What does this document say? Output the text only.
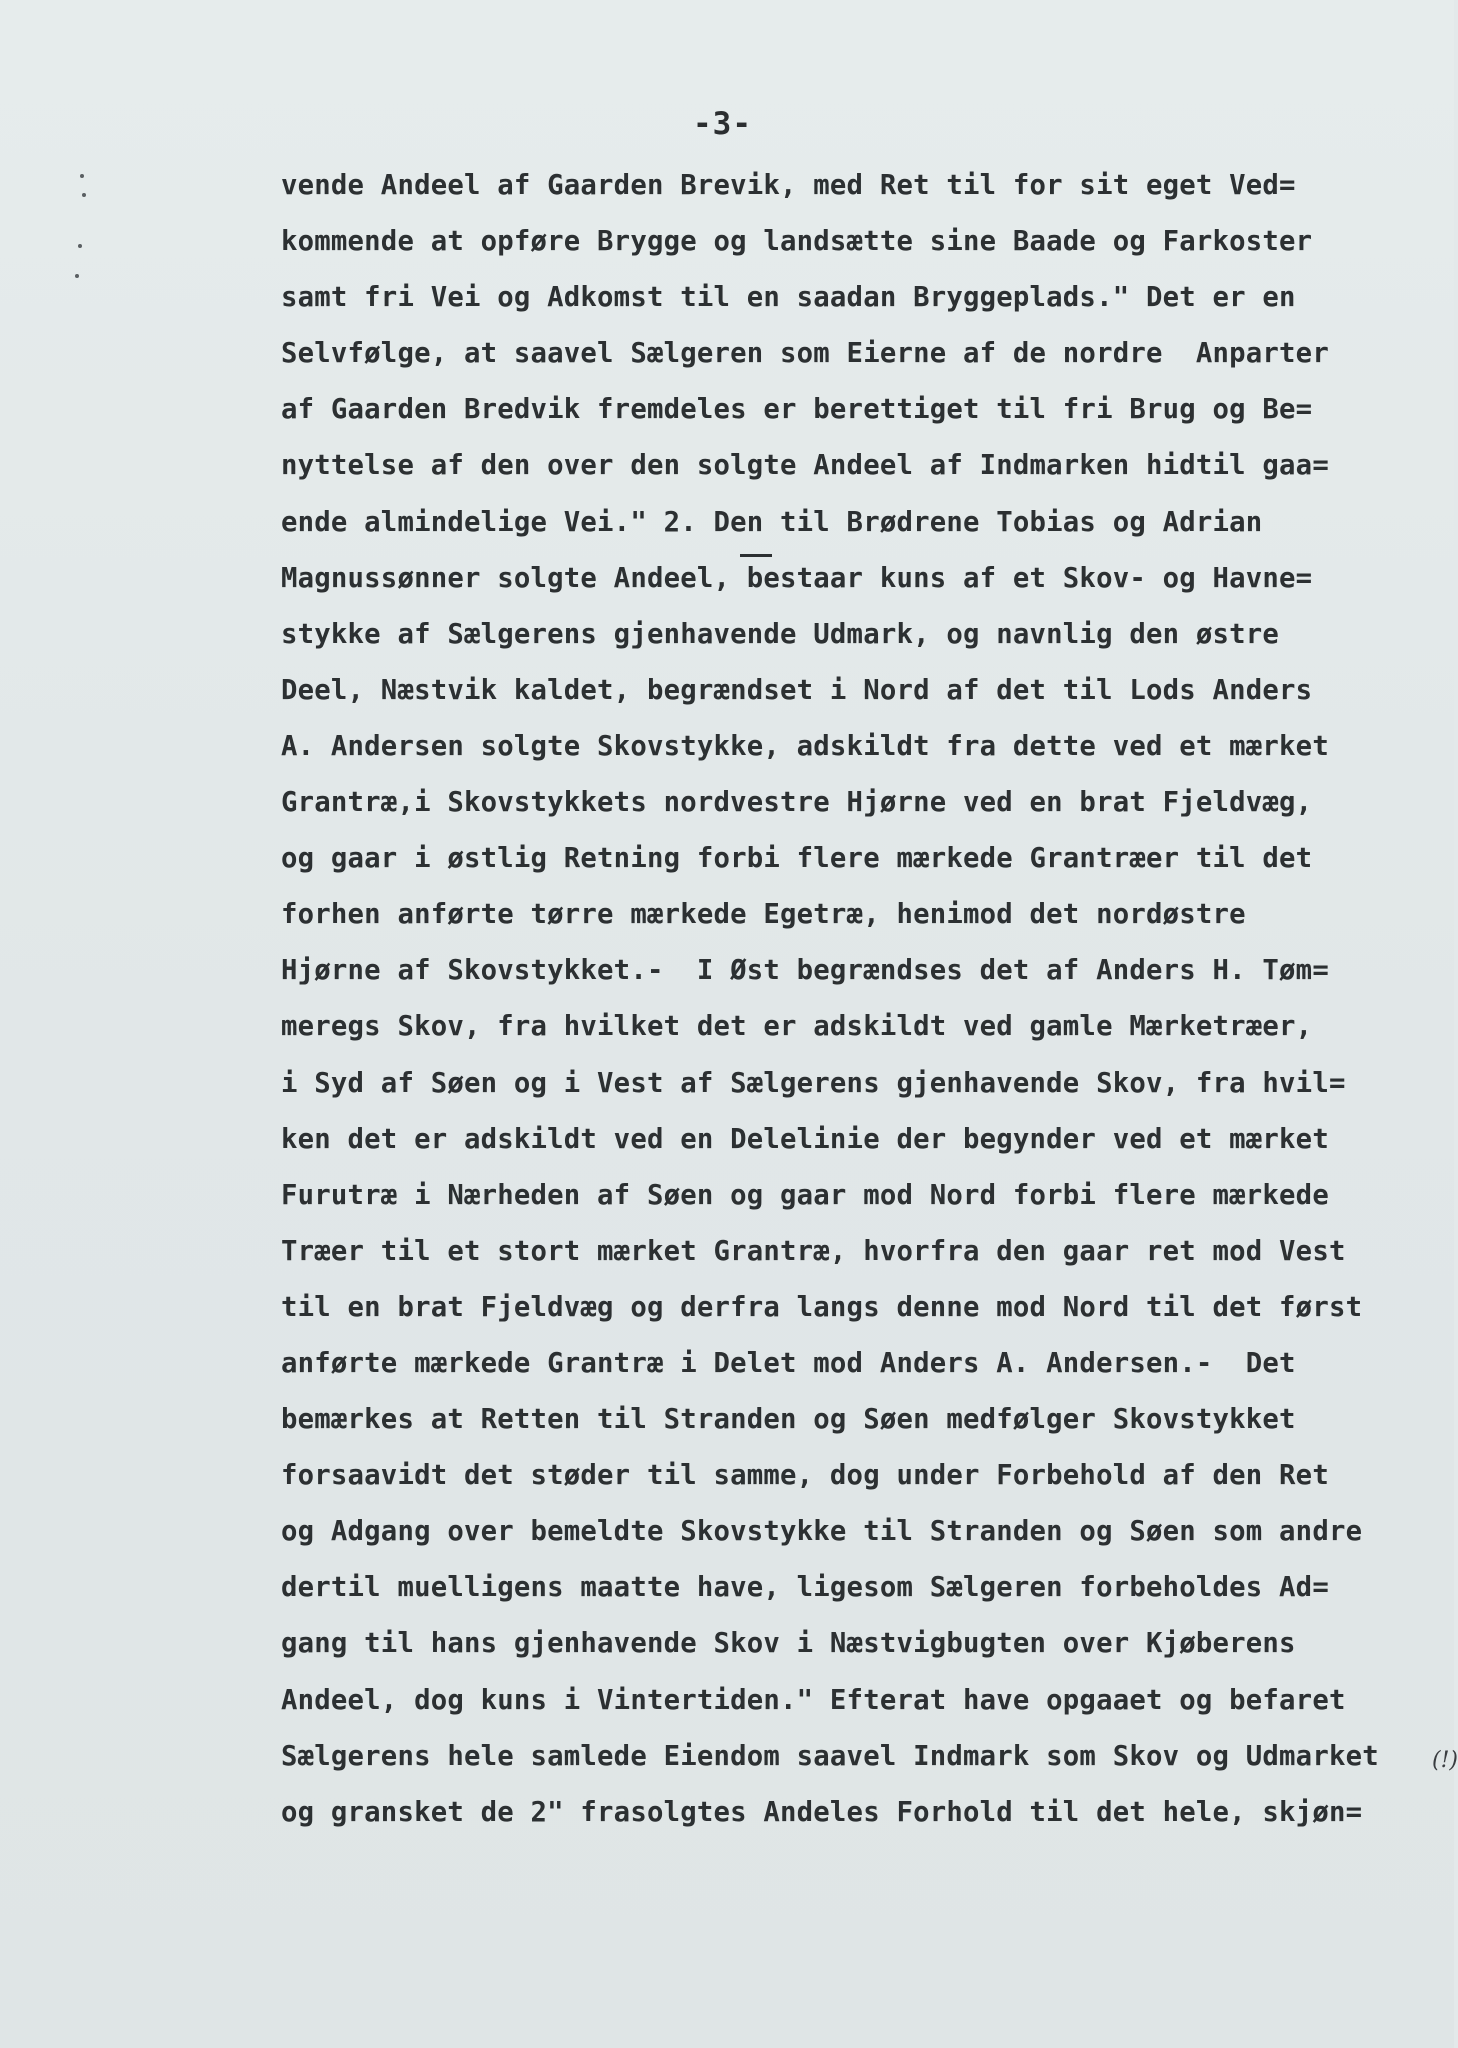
-3-
vende Andeel af Gaarden Brevik, med Ret til for sit eget Ved=
kommende at opføre Brygge og landsætte sine Baade og Farkoster
samt fri Vei og Adkomst til en saadan Bryggeplads." Det er en
Selvfølge, at saavel Sælgeren som Eierne af de nordre  Anparter
af Gaarden Bredvik fremdeles er berettiget til fri Brug og Be=
nyttelse af den over den solgte Andeel af Indmarken hidtil gaa=
ende almindelige Vei." 2. Den til Brødrene Tobias og Adrian
Magnussønner solgte Andeel, bestaar kuns af et Skov- og Havne=
stykke af Sælgerens gjenhavende Udmark, og navnlig den østre
Deel, Næstvik kaldet, begrændset i Nord af det til Lods Anders
A. Andersen solgte Skovstykke, adskildt fra dette ved et mærket
Grantræ,i Skovstykkets nordvestre Hjørne ved en brat Fjeldvæg,
og gaar i østlig Retning forbi flere mærkede Grantræer til det
forhen anførte tørre mærkede Egetræ, henimod det nordøstre
Hjørne af Skovstykket.-  I Øst begrændses det af Anders H. Tøm=
meregs Skov, fra hvilket det er adskildt ved gamle Mærketræer,
i Syd af Søen og i Vest af Sælgerens gjenhavende Skov, fra hvil=
ken det er adskildt ved en Delelinie der begynder ved et mærket
Furutræ i Nærheden af Søen og gaar mod Nord forbi flere mærkede
Træer til et stort mærket Grantræ, hvorfra den gaar ret mod Vest
til en brat Fjeldvæg og derfra langs denne mod Nord til det først
anførte mærkede Grantræ i Delet mod Anders A. Andersen.-  Det
bemærkes at Retten til Stranden og Søen medfølger Skovstykket
forsaavidt det støder til samme, dog under Forbehold af den Ret
og Adgang over bemeldte Skovstykke til Stranden og Søen som andre
dertil muelligens maatte have, ligesom Sælgeren forbeholdes Ad=
gang til hans gjenhavende Skov i Næstvigbugten over Kjøberens
Andeel, dog kuns i Vintertiden." Efterat have opgaaet og befaret
Sælgerens hele samlede Eiendom saavel Indmark som Skov og Udmarket
og gransket de 2" frasolgtes Andeles Forhold til det hele, skjøn=
(!)
